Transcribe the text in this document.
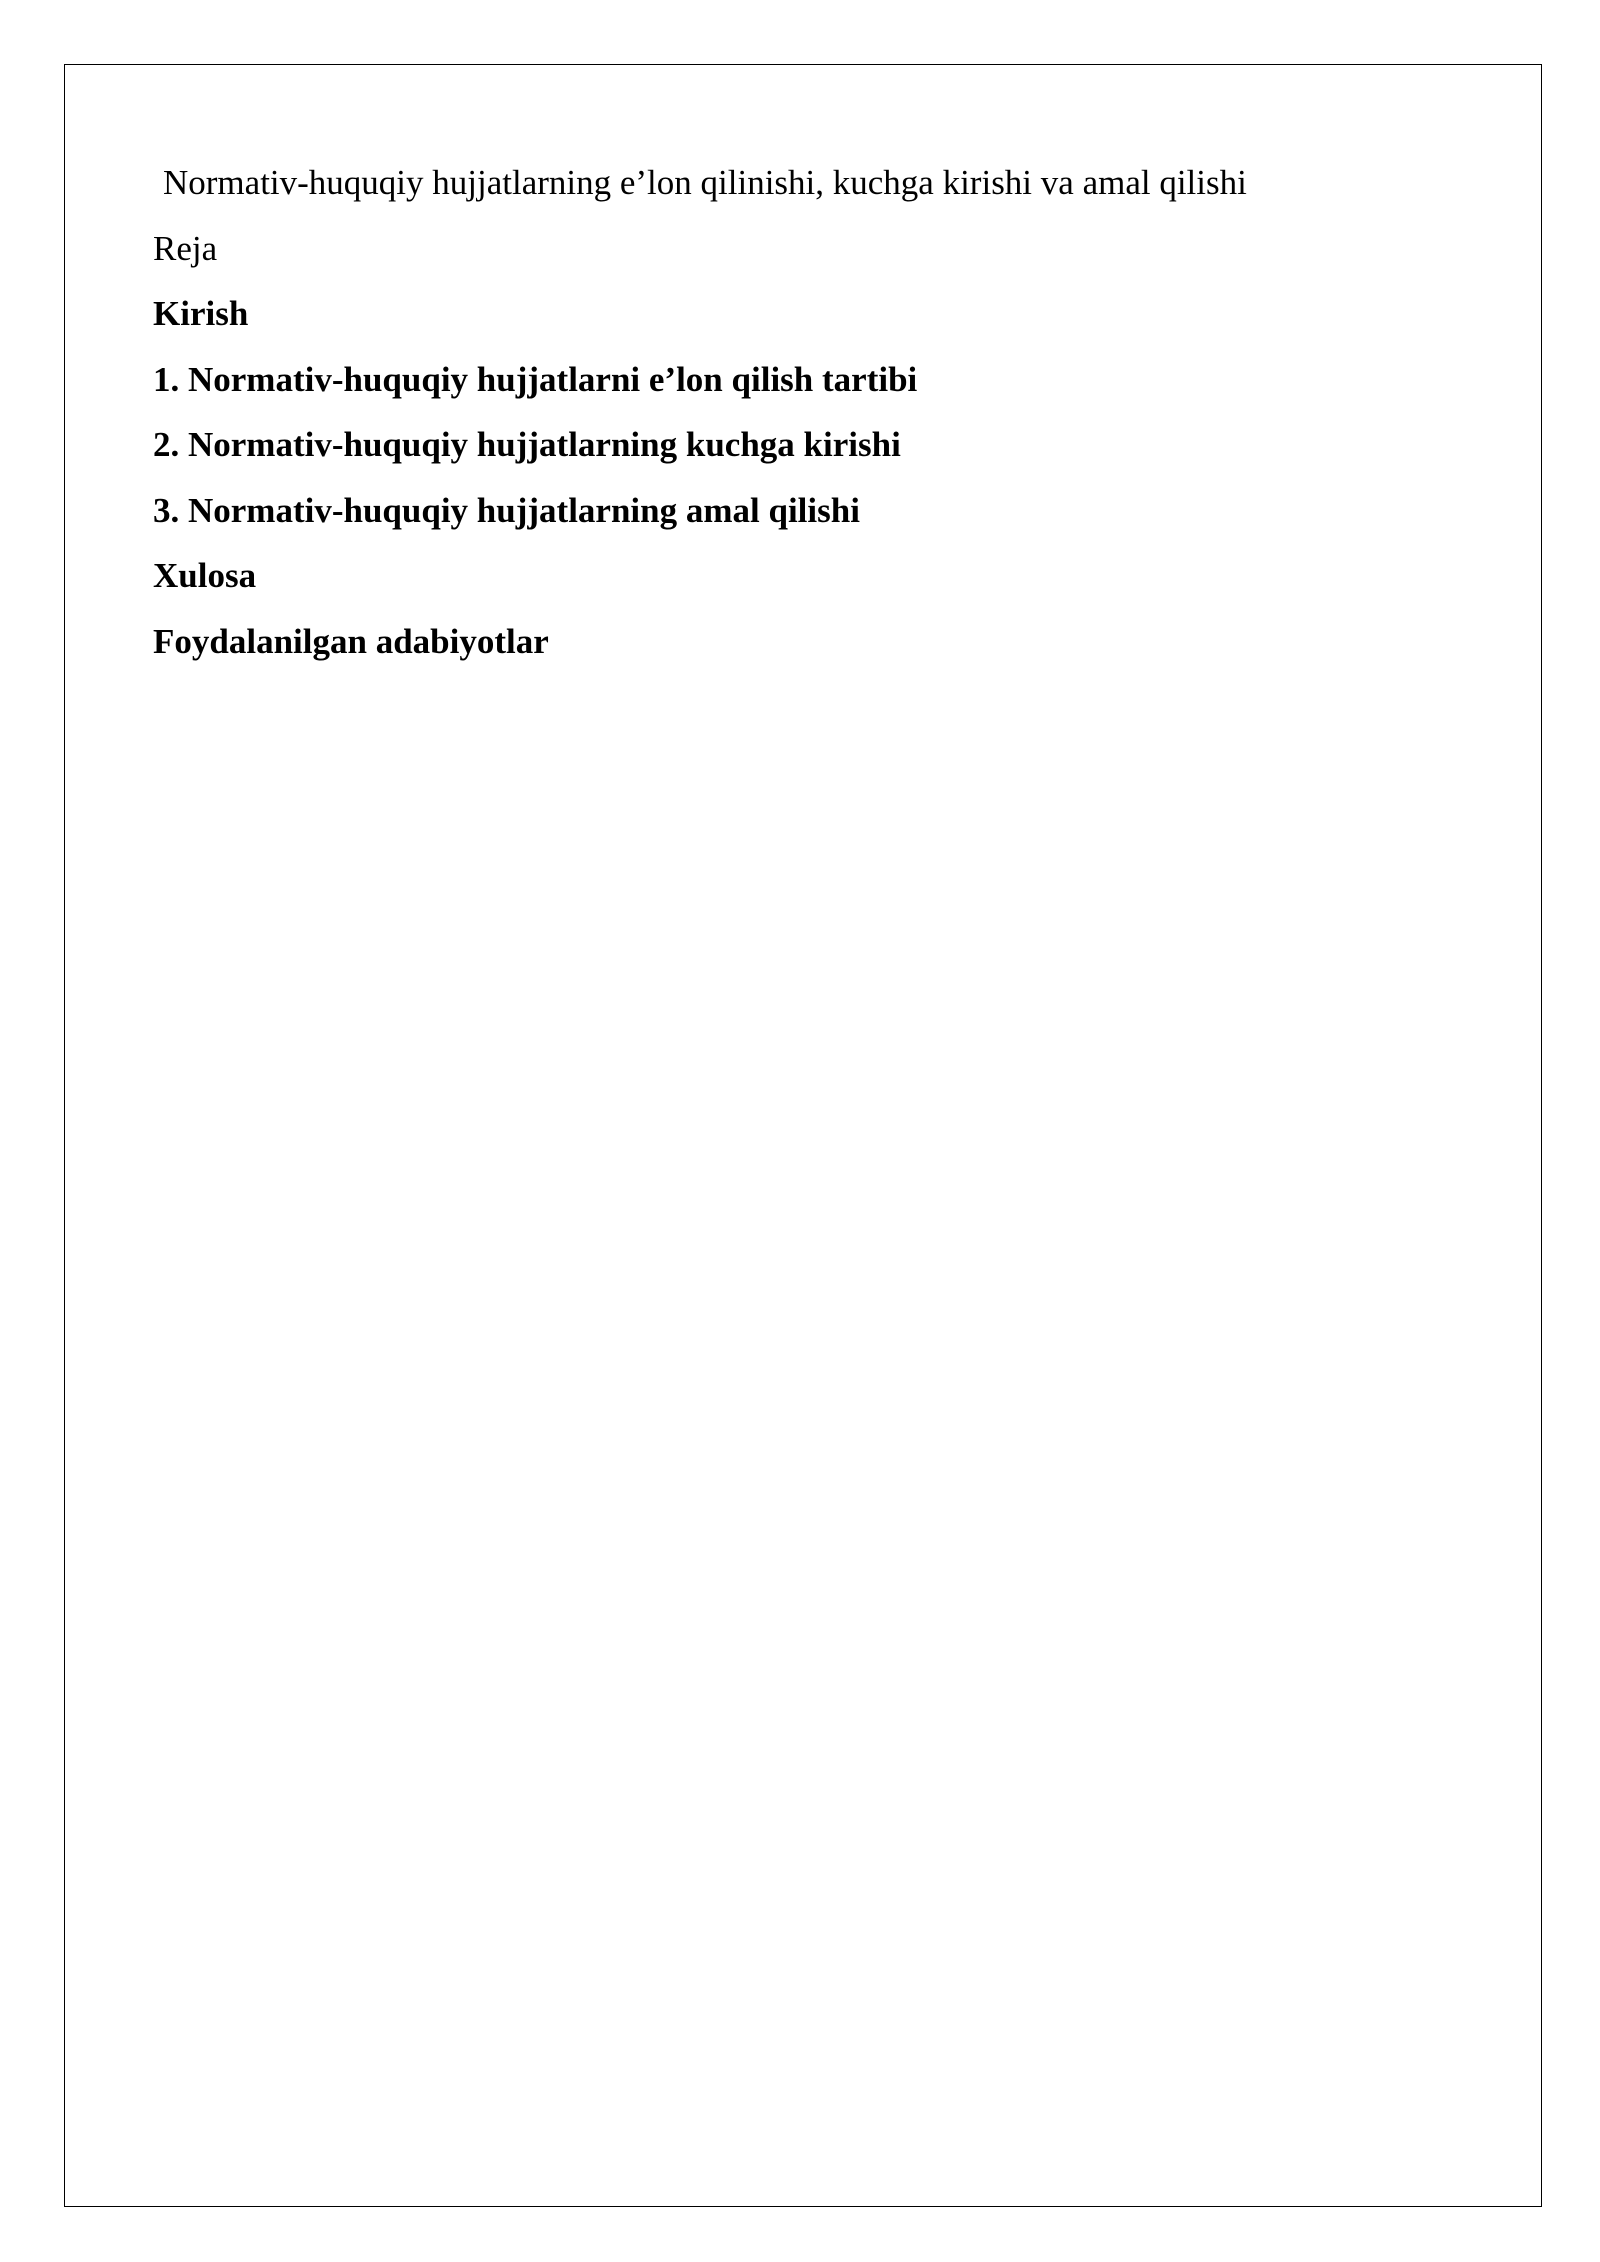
Normativ-huquqiy hujjatlarning e’lon qilinishi, kuchga kirishi va amal qilishi

Reja

Kirish

1. Normativ-huquqiy hujjatlarni e’lon qilish tartibi

2. Normativ-huquqiy hujjatlarning kuchga kirishi

3. Normativ-huquqiy hujjatlarning amal qilishi

Xulosa

Foydalanilgan adabiyotlar
